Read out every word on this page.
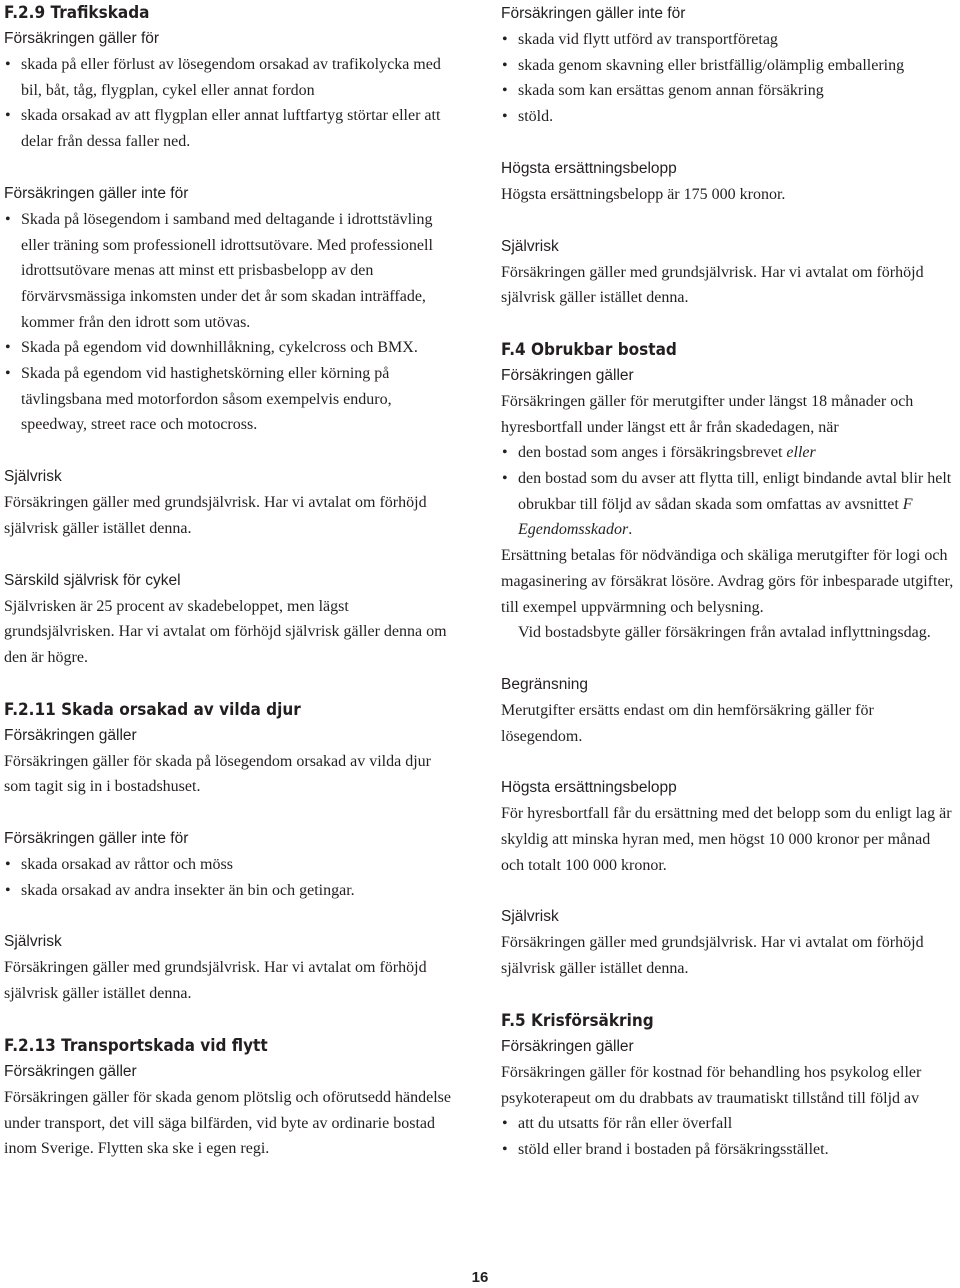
F.2.9 Trafikskada
Försäkringen gäller för
• skada på eller förlust av lösegendom orsakad av trafikolycka med bil, båt, tåg, flygplan, cykel eller annat fordon
• skada orsakad av att flygplan eller annat luftfartyg störtar eller att delar från dessa faller ned.
Försäkringen gäller inte för
• Skada på lösegendom i samband med deltagande i idrottstävling eller träning som professionell idrottsutövare. Med professionell idrottsutövare menas att minst ett prisbasbelopp av den förvärvsmässiga inkomsten under det år som skadan inträffade, kommer från den idrott som utövas.
• Skada på egendom vid downhillåkning, cykelcross och BMX.
• Skada på egendom vid hastighetskörning eller körning på tävlingsbana med motorfordon såsom exempelvis enduro, speedway, street race och motocross.
Självrisk

Försäkringen gäller med grundsjälvrisk. Har vi avtalat om förhöjd självrisk gäller istället denna.

Särskild självrisk för cykel

Självrisken är 25 procent av skadebeloppet, men lägst grundsjälvrisken. Har vi avtalat om förhöjd självrisk gäller denna om den är högre.

F.2.11 Skada orsakad av vilda djur
Försäkringen gäller

Försäkringen gäller för skada på lösegendom orsakad av vilda djur som tagit sig in i bostadshuset.

Försäkringen gäller inte för
• skada orsakad av råttor och möss
• skada orsakad av andra insekter än bin och getingar.
Självrisk

Försäkringen gäller med grundsjälvrisk. Har vi avtalat om förhöjd självrisk gäller istället denna.

F.2.13 Transportskada vid flytt
Försäkringen gäller

Försäkringen gäller för skada genom plötslig och oförutsedd händelse under transport, det vill säga bilfärden, vid byte av ordinarie bostad inom Sverige. Flytten ska ske i egen regi.

Försäkringen gäller inte för
• skada vid flytt utförd av transportföretag
• skada genom skavning eller bristfällig/olämplig emballering
• skada som kan ersättas genom annan försäkring
• stöld.
Högsta ersättningsbelopp

Högsta ersättningsbelopp är 175 000 kronor.

Självrisk

Försäkringen gäller med grundsjälvrisk. Har vi avtalat om förhöjd självrisk gäller istället denna.

F.4 Obrukbar bostad
Försäkringen gäller

Försäkringen gäller för merutgifter under längst 18 månader och hyresbortfall under längst ett år från skadedagen, när

• den bostad som anges i försäkringsbrevet eller
• den bostad som du avser att flytta till, enligt bindande avtal blir helt obrukbar till följd av sådan skada som omfattas av avsnittet F Egendomsskador.

Ersättning betalas för nödvändiga och skäliga merutgifter för logi och magasinering av försäkrat lösöre. Avdrag görs för inbesparade utgifter, till exempel uppvärmning och belysning.

Vid bostadsbyte gäller försäkringen från avtalad inflyttningsdag.

Begränsning

Merutgifter ersätts endast om din hemförsäkring gäller för lösegendom.

Högsta ersättningsbelopp

För hyresbortfall får du ersättning med det belopp som du enligt lag är skyldig att minska hyran med, men högst 10 000 kronor per månad och totalt 100 000 kronor.

Självrisk

Försäkringen gäller med grundsjälvrisk. Har vi avtalat om förhöjd självrisk gäller istället denna.

F.5 Krisförsäkring
Försäkringen gäller

Försäkringen gäller för kostnad för behandling hos psykolog eller psykoterapeut om du drabbats av traumatiskt tillstånd till följd av

• att du utsatts för rån eller överfall
• stöld eller brand i bostaden på försäkringsstället.
16
